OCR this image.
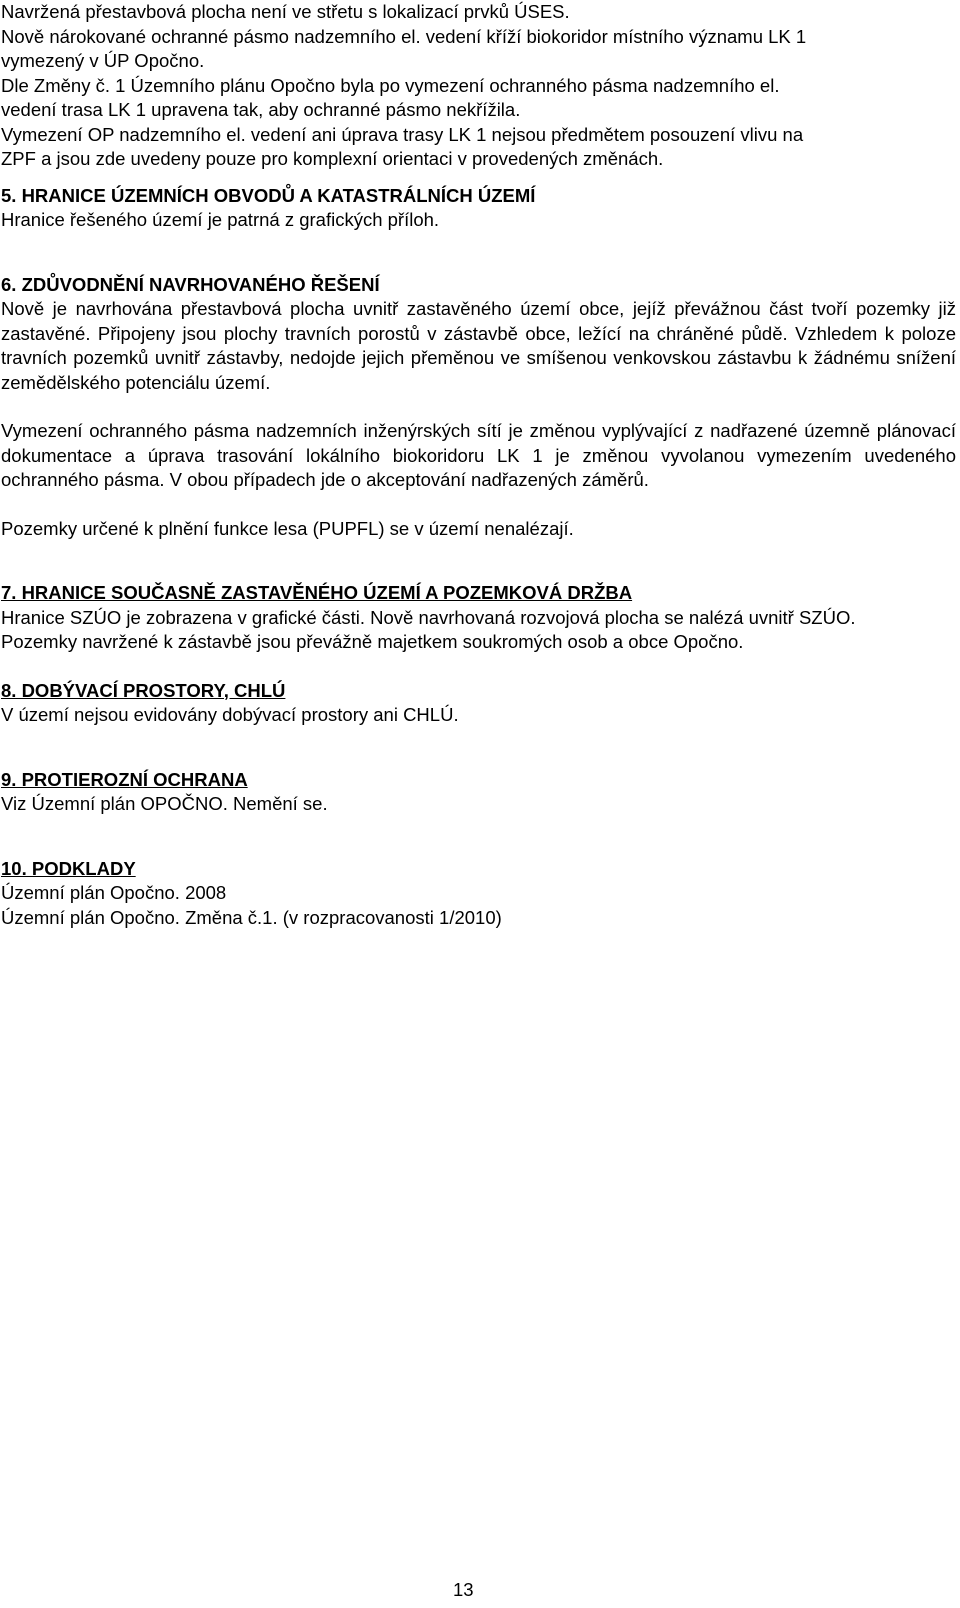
Navržená přestavbová plocha není ve střetu s lokalizací prvků ÚSES.
Nově nárokované ochranné pásmo nadzemního el. vedení kříží biokoridor místního významu LK 1
vymezený v ÚP Opočno.
Dle Změny č. 1 Územního plánu Opočno byla po vymezení ochranného pásma nadzemního el.
vedení trasa LK 1 upravena tak, aby ochranné pásmo nekřížila.
Vymezení OP nadzemního el. vedení ani úprava trasy LK 1 nejsou předmětem posouzení vlivu na
ZPF a jsou zde uvedeny pouze pro komplexní orientaci v provedených změnách.
5. HRANICE ÚZEMNÍCH OBVODŮ A KATASTRÁLNÍCH ÚZEMÍ
Hranice řešeného území je patrná z grafických příloh.
6. ZDŮVODNĚNÍ NAVRHOVANÉHO ŘEŠENÍ

Nově je navrhována přestavbová plocha uvnitř zastavěného území obce, jejíž převážnou část tvoří pozemky již zastavěné. Připojeny jsou plochy travních porostů v zástavbě obce, ležící na chráněné půdě. Vzhledem k poloze travních pozemků uvnitř zástavby, nedojde jejich přeměnou ve smíšenou venkovskou zástavbu k žádnému snížení zemědělského potenciálu území.

Vymezení ochranného pásma nadzemních inženýrských sítí je změnou vyplývající z nadřazené územně plánovací dokumentace a úprava trasování lokálního biokoridoru LK 1 je změnou vyvolanou vymezením uvedeného ochranného pásma. V obou případech jde o akceptování nadřazených záměrů.

Pozemky určené k plnění funkce lesa (PUPFL) se v území nenalézají.
7. HRANICE SOUČASNĚ ZASTAVĚNÉHO ÚZEMÍ A POZEMKOVÁ DRŽBA

Hranice SZÚO je zobrazena v grafické části. Nově navrhovaná rozvojová plocha se nalézá uvnitř SZÚO.

Pozemky navržené k zástavbě jsou převážně majetkem soukromých osob a obce Opočno.
8. DOBÝVACÍ PROSTORY, CHLÚ
V území nejsou evidovány dobývací prostory ani CHLÚ.
9. PROTIEROZNÍ OCHRANA
Viz Územní plán OPOČNO. Nemění se.
10. PODKLADY
Územní plán Opočno. 2008
Územní plán Opočno. Změna č.1. (v rozpracovanosti 1/2010)
13
